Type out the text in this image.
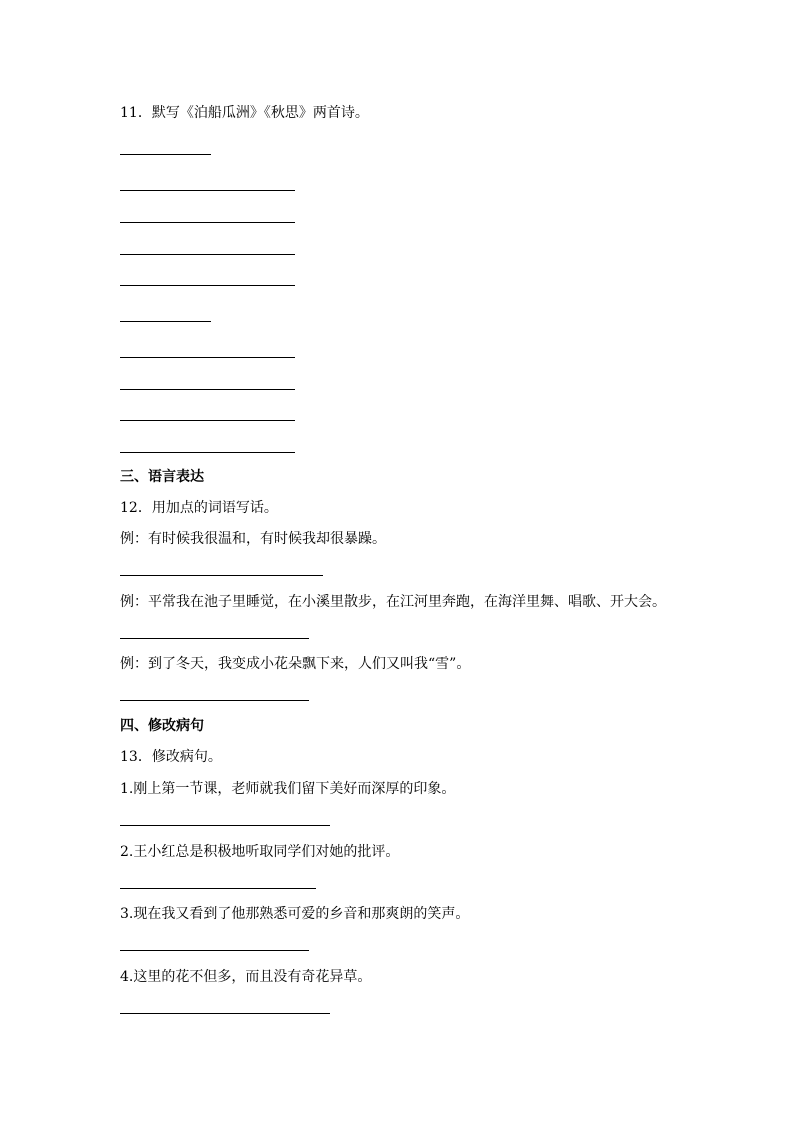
11．默写《泊船瓜洲》《秋思》两首诗。
三、语言表达
12．用加点的词语写话。
例：有时候我很温和，有时候我却很暴躁。
例：平常我在池子里睡觉，在小溪里散步，在江河里奔跑，在海洋里舞、唱歌、开大会。
例：到了冬天，我变成小花朵飘下来，人们又叫我“雪”。
四、修改病句
13．修改病句。
1.刚上第一节课，老师就我们留下美好而深厚的印象。
2.王小红总是积极地听取同学们对她的批评。
3.现在我又看到了他那熟悉可爱的乡音和那爽朗的笑声。
4.这里的花不但多，而且没有奇花异草。
